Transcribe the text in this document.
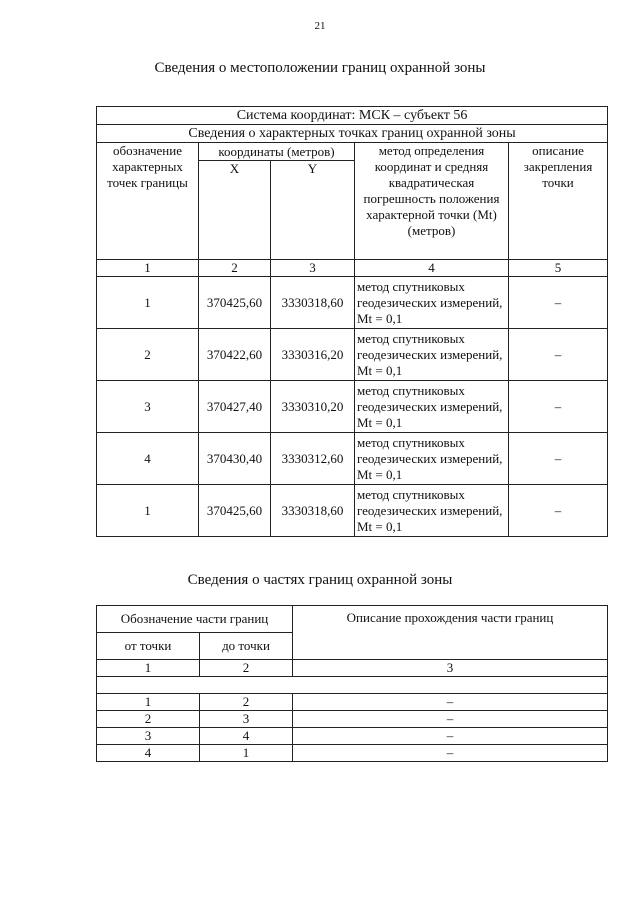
21
Сведения о местоположении границ охранной зоны
Система координат: МСК – субъект 56				
Сведения о характерных точках границ охранной зоны				
обозначение характерных точек границы	координаты (метров)		метод определения координат и средняя квадратическая погрешность положения характерной точки (Mt) (метров)	описание закрепления точки
	X	Y		
1	2	3	4	5
1	370425,60	3330318,60	метод спутниковых геодезических измерений, Mt = 0,1	–
2	370422,60	3330316,20	метод спутниковых геодезических измерений, Mt = 0,1	–
3	370427,40	3330310,20	метод спутниковых геодезических измерений, Mt = 0,1	–
4	370430,40	3330312,60	метод спутниковых геодезических измерений, Mt = 0,1	–
1	370425,60	3330318,60	метод спутниковых геодезических измерений, Mt = 0,1	–
Сведения о частях границ охранной зоны
Обозначение части границ		Описание прохождения части границ
от точки	до точки	
1	2	3

1	2	–
2	3	–
3	4	–
4	1	–
